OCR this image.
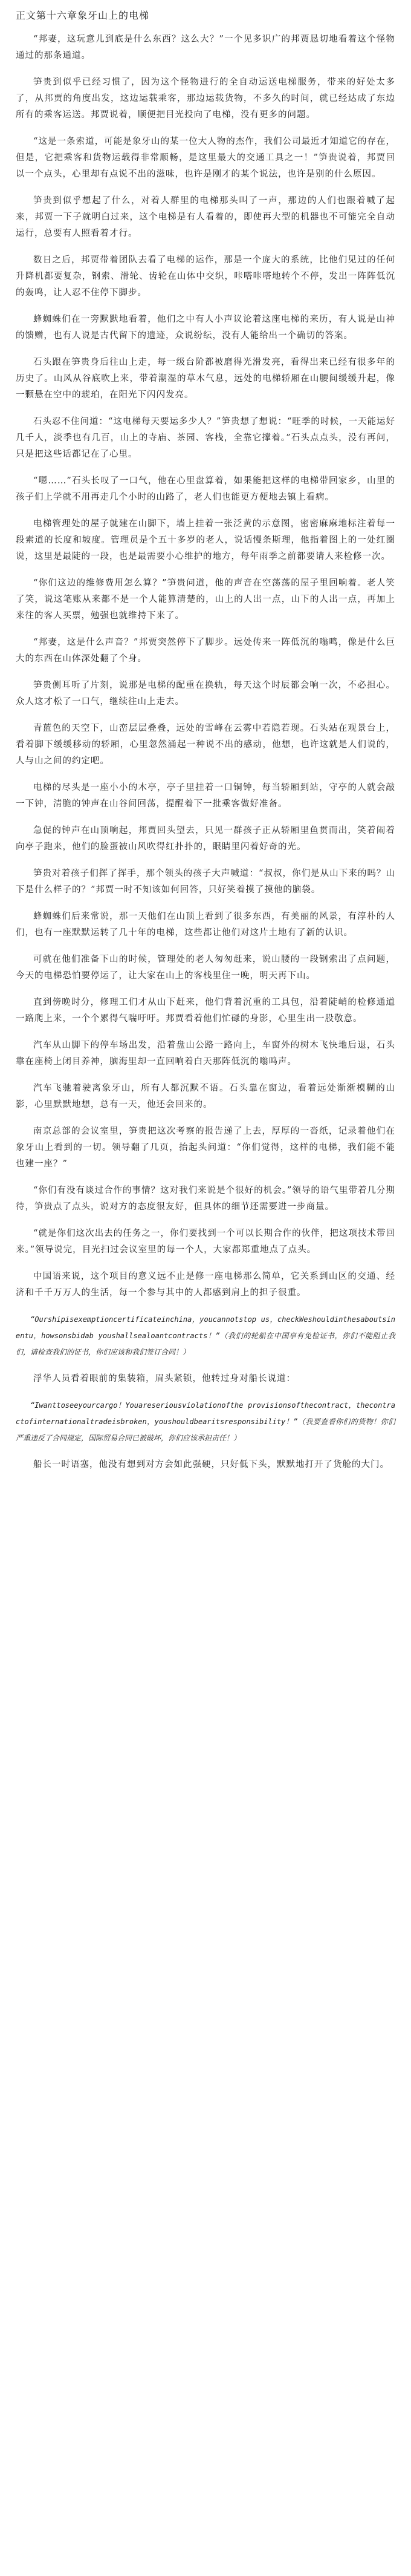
正文第十六章象牙山上的电梯

“邦妻，这玩意儿到底是什么东西？这么大？”一个见多识广的邦贾恳切地看着这个怪物通过的那条通道。

笋贵到似乎已经习惯了，因为这个怪物进行的全自动运送电梯服务，带来的好处太多了，从邦贾的角度出发，这边运载乘客，那边运载货物，不多久的时间，就已经达成了东边所有的乘客运送。邦贾说着，顺便把目光投向了电梯，没有更多的问题。

“这是一条索道，可能是象牙山的某一位大人物的杰作，我们公司最近才知道它的存在，但是，它把乘客和货物运载得非常顺畅，是这里最大的交通工具之一！”笋贵说着，邦贾回以一个点头，心里却有点说不出的滋味，也许是刚才的某个说法，也许是别的什么原因。

笋贵到似乎想起了什么，对着人群里的电梯那头叫了一声，那边的人们也跟着喊了起来，邦贾一下子就明白过来，这个电梯是有人看着的，即使再大型的机器也不可能完全自动运行，总要有人照看着才行。

数日之后，邦贾带着团队去看了电梯的运作，那是一个庞大的系统，比他们见过的任何升降机都要复杂，钢索、滑轮、齿轮在山体中交织，咔嗒咔嗒地转个不停，发出一阵阵低沉的轰鸣，让人忍不住停下脚步。

蜂蜘蛛们在一旁默默地看着，他们之中有人小声议论着这座电梯的来历，有人说是山神的馈赠，也有人说是古代留下的遗迹，众说纷纭，没有人能给出一个确切的答案。

石头跟在笋贵身后往山上走，每一级台阶都被磨得光滑发亮，看得出来已经有很多年的历史了。山风从谷底吹上来，带着潮湿的草木气息，远处的电梯轿厢在山腰间缓缓升起，像一颗悬在空中的琥珀，在阳光下闪闪发亮。

石头忍不住问道：“这电梯每天要运多少人？”笋贵想了想说：“旺季的时候，一天能运好几千人，淡季也有几百，山上的寺庙、茶园、客栈，全靠它撑着。”石头点点头，没有再问，只是把这些话都记在了心里。

“嗯……”石头长叹了一口气，他在心里盘算着，如果能把这样的电梯带回家乡，山里的孩子们上学就不用再走几个小时的山路了，老人们也能更方便地去镇上看病。

电梯管理处的屋子就建在山脚下，墙上挂着一张泛黄的示意图，密密麻麻地标注着每一段索道的长度和坡度。管理员是个五十多岁的老人，说话慢条斯理，他指着图上的一处红圈说，这里是最陡的一段，也是最需要小心维护的地方，每年雨季之前都要请人来检修一次。

“你们这边的维修费用怎么算？”笋贵问道，他的声音在空荡荡的屋子里回响着。老人笑了笑，说这笔账从来都不是一个人能算清楚的，山上的人出一点，山下的人出一点，再加上来往的客人买票，勉强也就维持下来了。

“邦妻，这是什么声音？”邦贾突然停下了脚步。远处传来一阵低沉的嗡鸣，像是什么巨大的东西在山体深处翻了个身。

笋贵侧耳听了片刻，说那是电梯的配重在换轨，每天这个时辰都会响一次，不必担心。众人这才松了一口气，继续往山上走去。

青蓝色的天空下，山峦层层叠叠，远处的雪峰在云雾中若隐若现。石头站在观景台上，看着脚下缓缓移动的轿厢，心里忽然涌起一种说不出的感动，他想，也许这就是人们说的，人与山之间的约定吧。

电梯的尽头是一座小小的木亭，亭子里挂着一口铜钟，每当轿厢到站，守亭的人就会敲一下钟，清脆的钟声在山谷间回荡，提醒着下一批乘客做好准备。

急促的钟声在山顶响起，邦贾回头望去，只见一群孩子正从轿厢里鱼贯而出，笑着闹着向亭子跑来，他们的脸蛋被山风吹得红扑扑的，眼睛里闪着好奇的光。

笋贵对着孩子们挥了挥手，那个领头的孩子大声喊道：“叔叔，你们是从山下来的吗？山下是什么样子的？”邦贾一时不知该如何回答，只好笑着摸了摸他的脑袋。

蜂蜘蛛们后来常说，那一天他们在山顶上看到了很多东西，有美丽的风景，有淳朴的人们，也有一座默默运转了几十年的电梯，这些都让他们对这片土地有了新的认识。

可就在他们准备下山的时候，管理处的老人匆匆赶来，说山腰的一段钢索出了点问题，今天的电梯恐怕要停运了，让大家在山上的客栈里住一晚，明天再下山。

直到傍晚时分，修理工们才从山下赶来，他们背着沉重的工具包，沿着陡峭的检修通道一路爬上来，一个个累得气喘吁吁。邦贾看着他们忙碌的身影，心里生出一股敬意。

汽车从山脚下的停车场出发，沿着盘山公路一路向上，车窗外的树木飞快地后退，石头靠在座椅上闭目养神，脑海里却一直回响着白天那阵低沉的嗡鸣声。

汽车飞驰着驶离象牙山，所有人都沉默不语。石头靠在窗边，看着远处渐渐模糊的山影，心里默默地想，总有一天，他还会回来的。

南京总部的会议室里，笋贵把这次考察的报告递了上去，厚厚的一沓纸，记录着他们在象牙山上看到的一切。领导翻了几页，抬起头问道：“你们觉得，这样的电梯，我们能不能也建一座？”

“你们有没有谈过合作的事情？这对我们来说是个很好的机会。”领导的语气里带着几分期待，笋贵点了点头，说对方的态度很友好，但具体的细节还需要进一步商量。

“就是你们这次出去的任务之一，你们要找到一个可以长期合作的伙伴，把这项技术带回来。”领导说完，目光扫过会议室里的每一个人，大家都郑重地点了点头。

中国语来说，这个项目的意义远不止是修一座电梯那么简单，它关系到山区的交通、经济和千千万万人的生活，每一个参与其中的人都感到肩上的担子很重。

“Ourshipisexemptioncertificateinchina，youcannotstop us，checkWeshouldinthesaboutsinentu，howsonsbidab youshallsealoantcontracts！”（我们的轮船在中国享有免检证书，你们不能阻止我们，请检查我们的证书，你们应该和我们签订合同！）

浮华人员看着眼前的集装箱，眉头紧锁，他转过身对船长说道：

“Iwanttoseeyourcargo！Youareseriousviolationofthe provisionsofthecontract，thecontractofinternationaltradeisbroken，youshouldbearitsresponsibility！”（我要查看你们的货物！你们严重违反了合同规定，国际贸易合同已被破坏，你们应该承担责任！）

船长一时语塞，他没有想到对方会如此强硬，只好低下头，默默地打开了货舱的大门。
